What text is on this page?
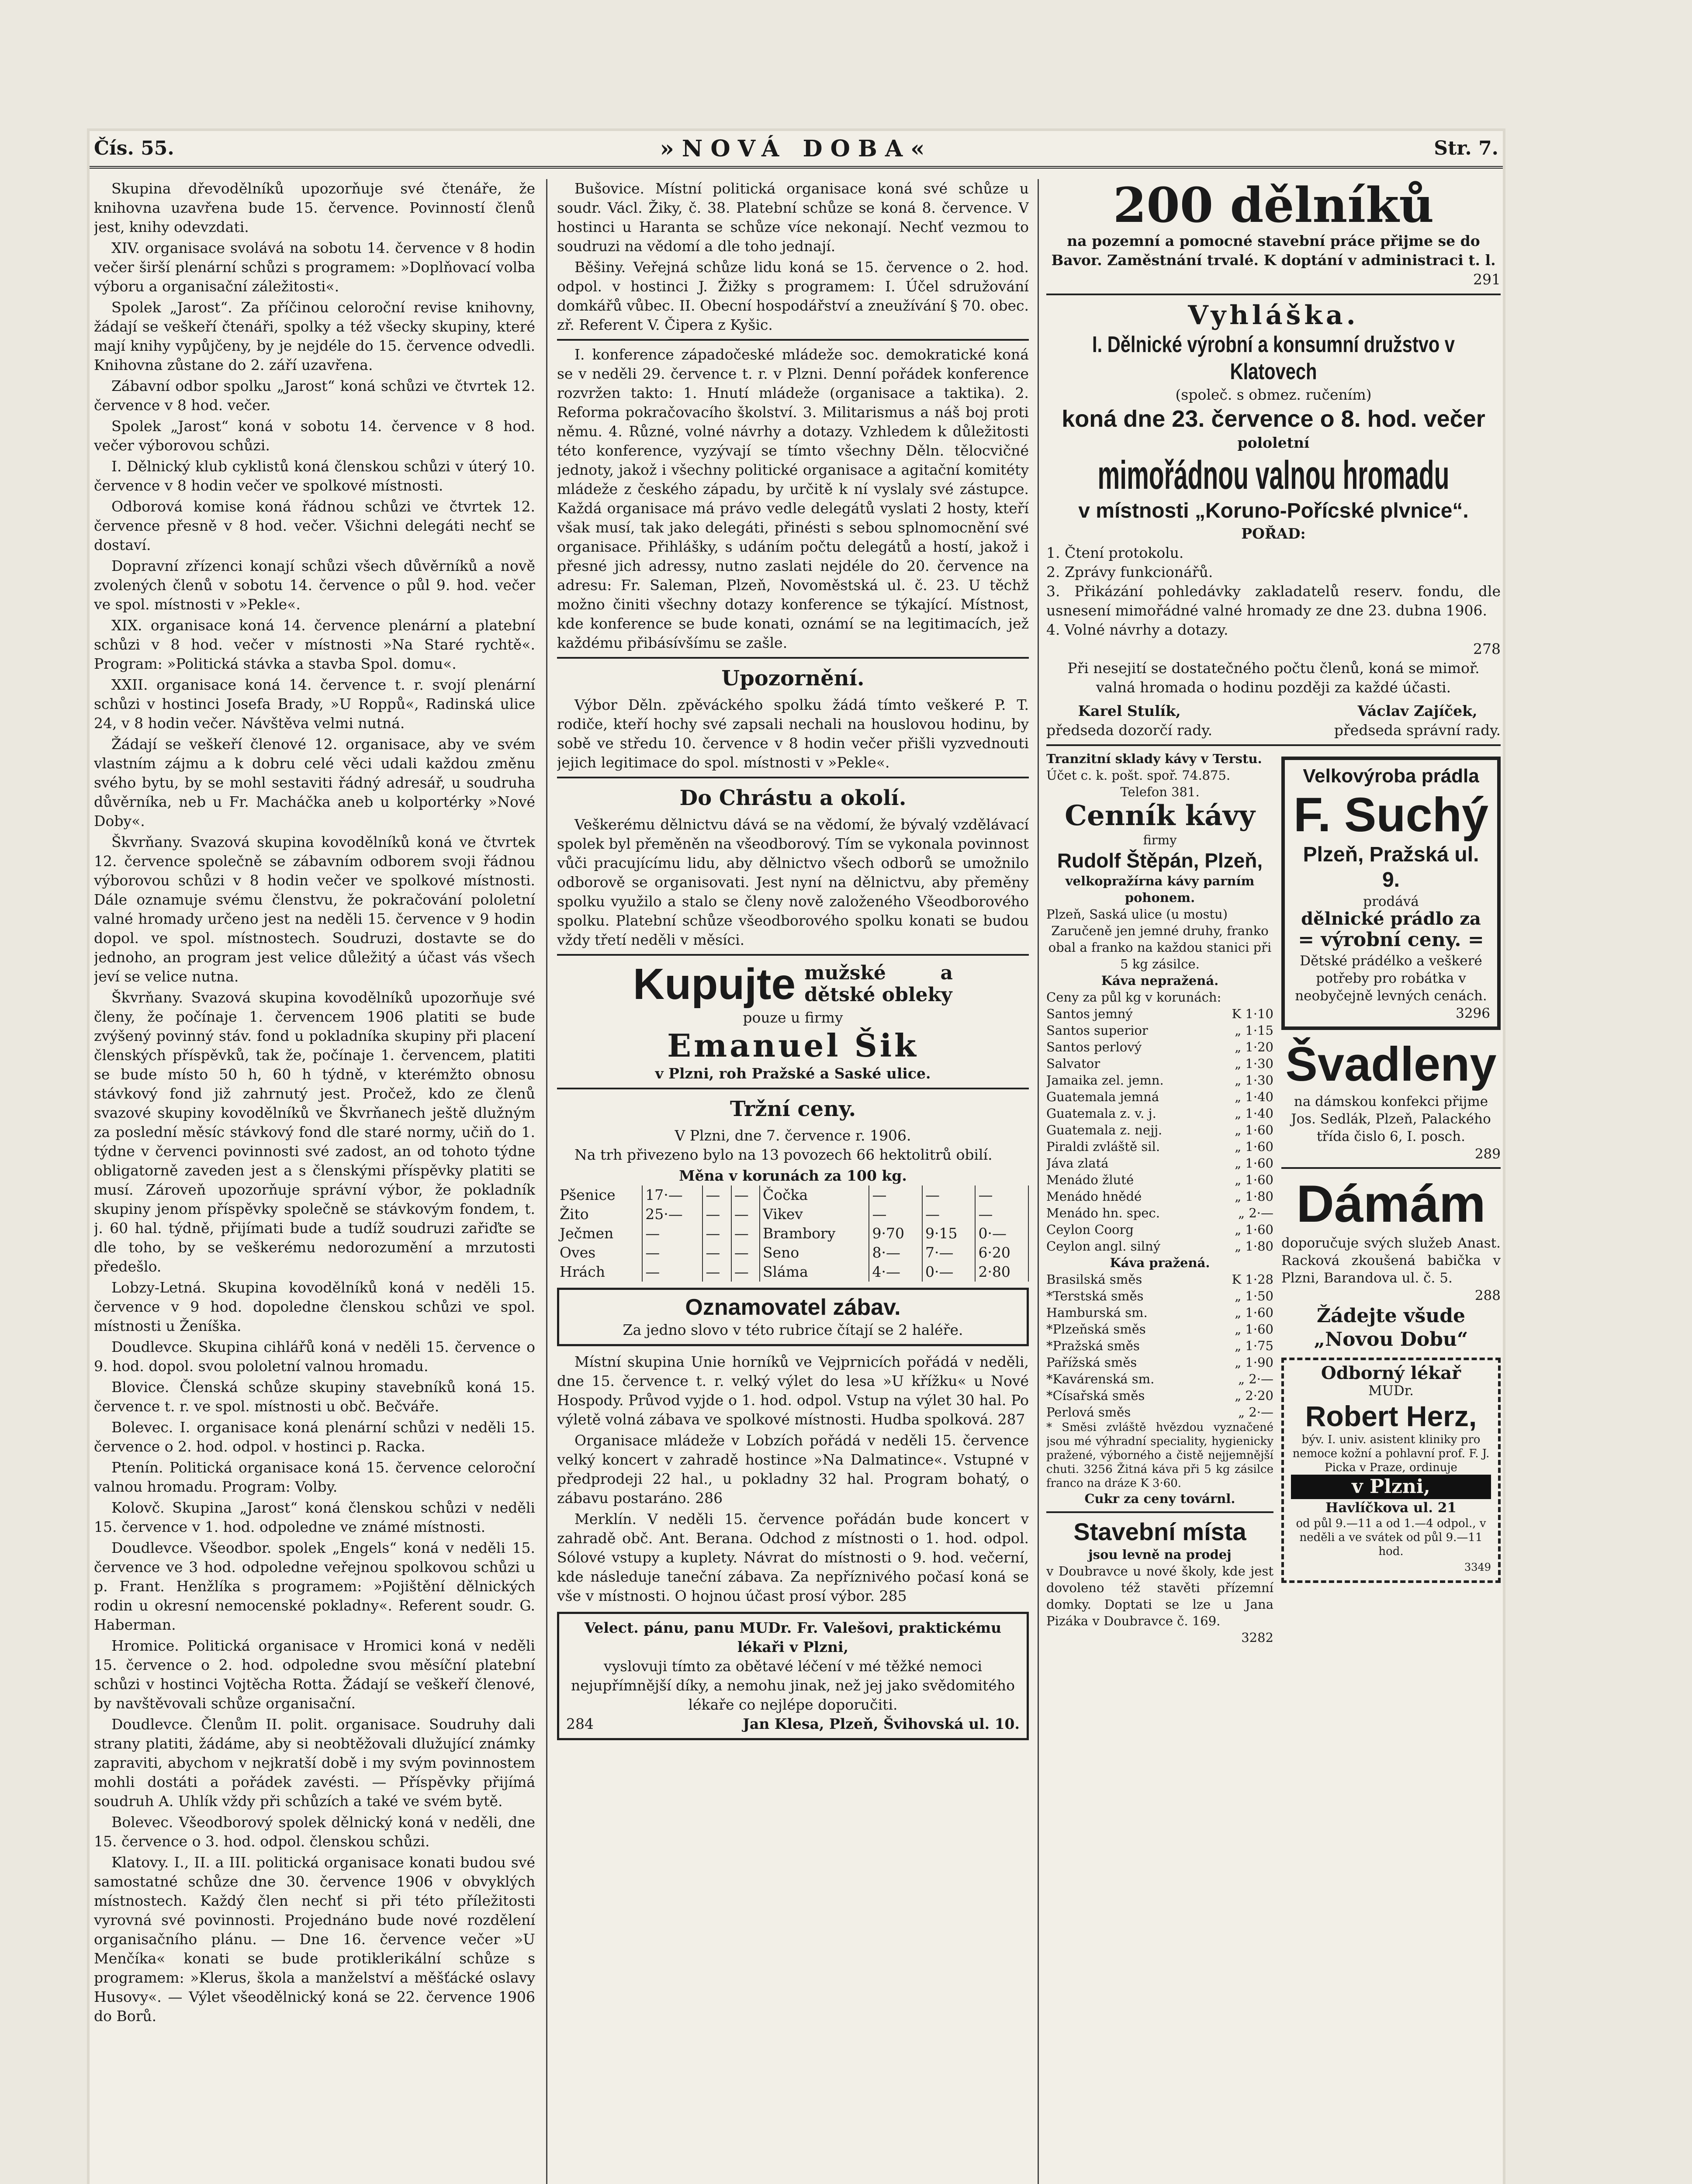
Čís. 55.	»NOVÁ DOBA«	Str. 7.

Skupina dřevodělníků upozorňuje své čtenáře, že knihovna uzavřena bude 15. července. Povinností členů jest, knihy odevzdati.

XIV. organisace svolává na sobotu 14. července v 8 hodin večer širší plenární schůzi s programem: »Doplňovací volba výboru a organisační záležitosti«.

Spolek „Jarost“. Za příčinou celoroční revise knihovny, žádají se veškeří čtenáři, spolky a též všecky skupiny, které mají knihy vypůjčeny, by je nejdéle do 15. července odvedli. Knihovna zůstane do 2. září uzavřena.

Zábavní odbor spolku „Jarost“ koná schůzi ve čtvrtek 12. července v 8 hod. večer.

Spolek „Jarost“ koná v sobotu 14. července v 8 hod. večer výborovou schůzi.

I. Dělnický klub cyklistů koná členskou schůzi v úterý 10. července v 8 hodin večer ve spolkové místnosti.

Odborová komise koná řádnou schůzi ve čtvrtek 12. července přesně v 8 hod. večer. Všichni delegáti nechť se dostaví.

Dopravní zřízenci konají schůzi všech důvěrníků a nově zvolených členů v sobotu 14. července o půl 9. hod. večer ve spol. místnosti v »Pekle«.

XIX. organisace koná 14. července plenární a platební schůzi v 8 hod. večer v místnosti »Na Staré rychtě«. Program: »Politická stávka a stavba Spol. domu«.

XXII. organisace koná 14. července t. r. svojí plenární schůzi v hostinci Josefa Brady, »U Roppů«, Radinská ulice 24, v 8 hodin večer. Návštěva velmi nutná.

Žádají se veškeří členové 12. organisace, aby ve svém vlastním zájmu a k dobru celé věci udali každou změnu svého bytu, by se mohl sestaviti řádný adresář, u soudruha důvěrníka, neb u Fr. Macháčka aneb u kolportérky »Nové Doby«.

Škvrňany. Svazová skupina kovodělníků koná ve čtvrtek 12. července společně se zábavním odborem svoji řádnou výborovou schůzi v 8 hodin večer ve spolkové místnosti. Dále oznamuje svému členstvu, že pokračování pololetní valné hromady určeno jest na neděli 15. července v 9 hodin dopol. ve spol. místnostech. Soudruzi, dostavte se do jednoho, an program jest velice důležitý a účast vás všech jeví se velice nutna.

Škvrňany. Svazová skupina kovodělníků upozorňuje své členy, že počínaje 1. červencem 1906 platiti se bude zvýšený povinný stáv. fond u pokladníka skupiny při placení členských příspěvků, tak že, počínaje 1. červencem, platiti se bude místo 50 h, 60 h týdně, v kterémžto obnosu stávkový fond již zahrnutý jest. Pročež, kdo ze členů svazové skupiny kovodělníků ve Škvrňanech ještě dlužným za poslední měsíc stávkový fond dle staré normy, učiň do 1. týdne v červenci povinnosti své zadost, an od tohoto týdne obligatorně zaveden jest a s členskými příspěvky platiti se musí. Zároveň upozorňuje správní výbor, že pokladník skupiny jenom příspěvky společně se stávkovým fondem, t. j. 60 hal. týdně, přijímati bude a tudíž soudruzi zařiďte se dle toho, by se veškerému nedorozumění a mrzutosti předešlo.

Lobzy-Letná. Skupina kovodělníků koná v neděli 15. července v 9 hod. dopoledne členskou schůzi ve spol. místnosti u Ženíška.

Doudlevce. Skupina cihlářů koná v neděli 15. července o 9. hod. dopol. svou pololetní valnou hromadu.

Blovice. Členská schůze skupiny stavebníků koná 15. července t. r. ve spol. místnosti u obč. Bečváře.

Bolevec. I. organisace koná plenární schůzi v neděli 15. července o 2. hod. odpol. v hostinci p. Racka.

Ptenín. Politická organisace koná 15. července celoroční valnou hromadu. Program: Volby.

Kolovč. Skupina „Jarost“ koná členskou schůzi v neděli 15. července v 1. hod. odpoledne ve známé místnosti.

Doudlevce. Všeodbor. spolek „Engels“ koná v neděli 15. července ve 3 hod. odpoledne veřejnou spolkovou schůzi u p. Frant. Henžlíka s programem: »Pojištění dělnických rodin u okresní nemocenské pokladny«. Referent soudr. G. Haberman.

Hromice. Politická organisace v Hromici koná v neděli 15. července o 2. hod. odpoledne svou měsíční platební schůzi v hostinci Vojtěcha Rotta. Žádají se veškeří členové, by navštěvovali schůze organisační.

Doudlevce. Členům II. polit. organisace. Soudruhy dali strany platiti, žádáme, aby si neobtěžovali dlužující známky zapraviti, abychom v nejkratší době i my svým povinnostem mohli dostáti a pořádek zavésti. — Příspěvky přijímá soudruh A. Uhlík vždy při schůzích a také ve svém bytě.

Bolevec. Všeodborový spolek dělnický koná v neděli, dne 15. července o 3. hod. odpol. členskou schůzi.

Klatovy. I., II. a III. politická organisace konati budou své samostatné schůze dne 30. července 1906 v obvyklých místnostech. Každý člen nechť si při této příležitosti vyrovná své povinnosti. Projednáno bude nové rozdělení organisačního plánu. — Dne 16. července večer »U Menčíka« konati se bude protiklerikální schůze s programem: »Klerus, škola a manželství a měšťácké oslavy Husovy«. — Výlet všeodělnický koná se 22. července 1906 do Borů.

Bušovice. Místní politická organisace koná své schůze u soudr. Václ. Žiky, č. 38. Platební schůze se koná 8. července. V hostinci u Haranta se schůze více nekonají. Nechť vezmou to soudruzi na vědomí a dle toho jednají.

Běšiny. Veřejná schůze lidu koná se 15. července o 2. hod. odpol. v hostinci J. Žižky s programem: I. Účel sdružování domkářů vůbec. II. Obecní hospodářství a zneužívání § 70. obec. zř. Referent V. Čipera z Kyšic.

I. konference západočeské mládeže soc. demokratické koná se v neděli 29. července t. r. v Plzni. Denní pořádek konference rozvržen takto: 1. Hnutí mládeže (organisace a taktika). 2. Reforma pokračovacího školství. 3. Militarismus a náš boj proti němu. 4. Různé, volné návrhy a dotazy. Vzhledem k důležitosti této konference, vyzývají se tímto všechny Děln. tělocvičné jednoty, jakož i všechny politické organisace a agitační komitéty mládeže z českého západu, by určitě k ní vyslaly své zástupce. Každá organisace má právo vedle delegátů vyslati 2 hosty, kteří však musí, tak jako delegáti, přinésti s sebou splnomocnění své organisace. Přihlášky, s udáním počtu delegátů a hostí, jakož i přesné jich adressy, nutno zaslati nejdéle do 20. července na adresu: Fr. Saleman, Plzeň, Novoměstská ul. č. 23. U těchž možno činiti všechny dotazy konference se týkající. Místnost, kde konference se bude konati, oznámí se na legitimacích, jež každému přibásívšímu se zašle.

Upozornění.

Výbor Děln. zpěváckého spolku žádá tímto veškeré P. T. rodiče, kteří hochy své zapsali nechali na houslovou hodinu, by sobě ve středu 10. července v 8 hodin večer přišli vyzvednouti jejich legitimace do spol. místnosti v »Pekle«.

Do Chrástu a okolí.

Veškerému dělnictvu dává se na vědomí, že bývalý vzdělávací spolek byl přeměněn na všeodborový. Tím se vykonala povinnost vůči pracujícímu lidu, aby dělnictvo všech odborů se umožnilo odborově se organisovati. Jest nyní na dělnictvu, aby přeměny spolku využilo a stalo se členy nově založeného Všeodborového spolku. Platební schůze všeodborového spolku konati se budou vždy třetí neděli v měsíci.

Kupujte mužské a dětské obleky
pouze u firmy
Emanuel Šik
v Plzni, roh Pražské a Saské ulice.
Tržní ceny.
V Plzni, dne 7. července r. 1906.

Na trh přivezeno bylo na 13 povozech 66 hektolitrů obilí.

Měna v korunách za 100 kg.
Pšenice	17·—	—	—	Čočka	—	—	—
Žito	25·—	—	—	Vikev	—	—	—
Ječmen	—	—	—	Brambory	9·70	9·15	0·—
Oves	—	—	—	Seno	8·—	7·—	6·20
Hrách	—	—	—	Sláma	4·—	0·—	2·80
Oznamovatel zábav.
Za jedno slovo v této rubrice čítají se 2 haléře.

Místní skupina Unie horníků ve Vejprnicích pořádá v neděli, dne 15. července t. r. velký výlet do lesa »U křížku« u Nové Hospody. Průvod vyjde o 1. hod. odpol. Vstup na výlet 30 hal. Po výletě volná zábava ve spolkové místnosti. Hudba spolková. 287

Organisace mládeže v Lobzích pořádá v neděli 15. července velký koncert v zahradě hostince »Na Dalmatince«. Vstupné v předprodeji 22 hal., u pokladny 32 hal. Program bohatý, o zábavu postaráno. 286

Merklín. V neděli 15. července pořádán bude koncert v zahradě obč. Ant. Berana. Odchod z místnosti o 1. hod. odpol. Sólové vstupy a kuplety. Návrat do místnosti o 9. hod. večerní, kde následuje taneční zábava. Za nepříznivého počasí koná se vše v místnosti. O hojnou účast prosí výbor. 285

Velect. pánu, panu MUDr. Fr. Valešovi, praktickému lékaři v Plzni,
vyslovuji tímto za obětavé léčení v mé těžké nemoci nejupřímnější díky, a nemohu jinak, než jej jako svědomitého lékaře co nejlépe doporučiti.
284	Jan Klesa, Plzeň, Švihovská ul. 10.
200 dělníků
na pozemní a pomocné stavební práce přijme se do Bavor. Zaměstnání trvalé. K doptání v administraci t. l.
291
Vyhláška.
I. Dělnické výrobní a konsumní družstvo v Klatovech
(společ. s obmez. ručením)
koná dne 23. července o 8. hod. večer
pololetní
mimořádnou valnou hromadu
v místnosti „Koruno-Pořícské plvnice“.
POŘAD:
1. Čtení protokolu.
2. Zprávy funkcionářů.
3. Přikázání pohledávky zakladatelů reserv. fondu, dle usnesení mimořádné valné hromady ze dne 23. dubna 1906.
4. Volné návrhy a dotazy.
278
Při nesejití se dostatečného počtu členů, koná se mimoř. valná hromada o hodinu později za každé účasti.
Karel Stulík,
předseda dozorčí rady.
Václav Zajíček,
předseda správní rady.
Tranzitní sklady kávy v Terstu.
Účet c. k. pošt. spoř. 74.875.
Telefon 381.
Cenník kávy
firmy
Rudolf Štěpán, Plzeň,
velkopražírna kávy parním pohonem.
Plzeň, Saská ulice (u mostu)
Zaručeně jen jemné druhy, franko obal a franko na každou stanici při 5 kg zásilce.
Káva nepražená.
Ceny za půl kg v korunách:
Santos jemný	K 1·10
Santos superior	„ 1·15
Santos perlový	„ 1·20
Salvator	„ 1·30
Jamaika zel. jemn.	„ 1·30
Guatemala jemná	„ 1·40
Guatemala z. v. j.	„ 1·40
Guatemala z. nejj.	„ 1·60
Piraldi zvláště sil.	„ 1·60
Jáva zlatá	„ 1·60
Menádo žluté	„ 1·60
Menádo hnědé	„ 1·80
Menádo hn. spec.	„ 2·—
Ceylon Coorg	„ 1·60
Ceylon angl. silný	„ 1·80
Káva pražená.
Brasilská směs	K 1·28
*Terstská směs	„ 1·50
Hamburská sm.	„ 1·60
*Plzeňská směs	„ 1·60
*Pražská směs	„ 1·75
Pařížská směs	„ 1·90
*Kavárenská sm.	„ 2·—
*Císařská směs	„ 2·20
Perlová směs	„ 2·—
* Směsi zvláště hvězdou vyznačené jsou mé výhradní speciality, hygienicky pražené, výborného a čistě nejjemnější chuti. 3256 Žitná káva při 5 kg zásilce franco na dráze K 3·60.
Cukr za ceny továrnl.
Stavební místa
jsou levně na prodej
v Doubravce u nové školy, kde jest dovoleno též stavěti přízemní domky. Doptati se lze u Jana Pizáka v Doubravce č. 169.
3282
Velkovýroba prádla
F. Suchý
Plzeň, Pražská ul. 9.
prodává
dělnické prádlo za
= výrobní ceny. =
Dětské prádélko a veškeré potřeby pro robátka v neobyčejně levných cenách.
3296
Švadleny
na dámskou konfekci přijme Jos. Sedlák, Plzeň, Palackého třída čislo 6, I. posch.
289
Dámám
doporučuje svých služeb Anast. Racková zkoušená babička v Plzni, Barandova ul. č. 5.
288
Žádejte všude
„Novou Dobu“
Odborný lékař
MUDr.
Robert Herz,
býv. I. univ. asistent kliniky pro nemoce kožní a pohlavní prof. F. J. Picka v Praze, ordinuje
v Plzni,
Havlíčkova ul. 21
od půl 9.—11 a od 1.—4 odpol., v neděli a ve svátek od půl 9.—11 hod.
3349
